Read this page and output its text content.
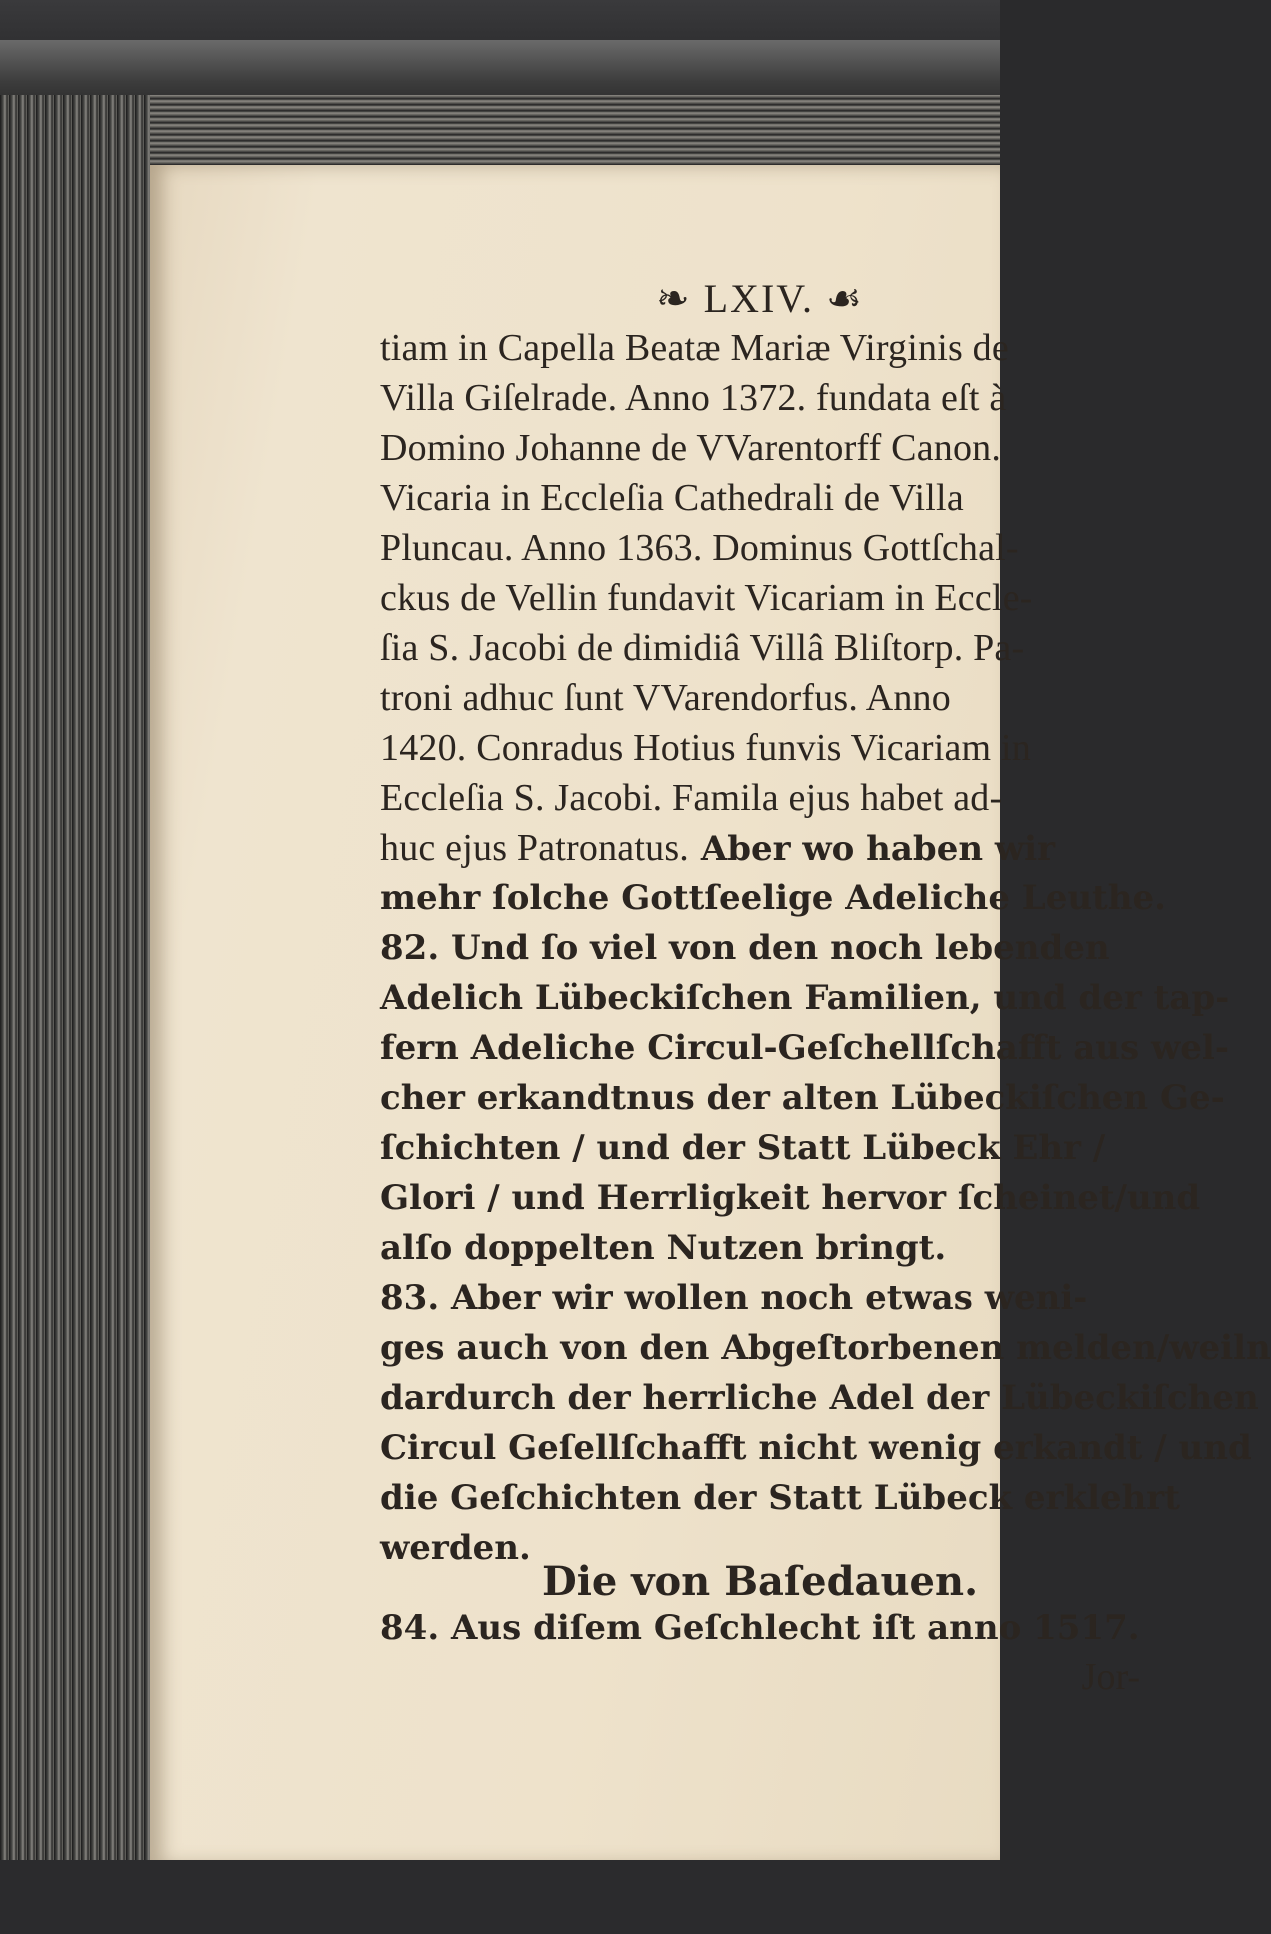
❧ LXIV. ☙
tiam in Capella Beatæ Mariæ Virginis de
Villa Giſelrade. Anno 1372. fundata eſt à
Domino Johanne de VVarentorff Canon.
Vicaria in Eccleſia Cathedrali de Villa
Pluncau. Anno 1363. Dominus Gottſchal-
ckus de Vellin fundavit Vicariam in Eccle-
ſia S. Jacobi de dimidiâ Villâ Bliſtorp. Pa-
troni adhuc ſunt VVarendorfus. Anno
1420. Conradus Hotius funvis Vicariam in
Eccleſia S. Jacobi. Famila ejus habet ad-
huc ejus Patronatus. Aber wo haben wir
mehr ſolche Gottſeelige Adeliche Leuthe.
82. Und ſo viel von den noch lebenden
Adelich Lübeckiſchen Familien, und der tap-
fern Adeliche Circul-Geſchellſchafft aus wel-
cher erkandtnus der alten Lübeckiſchen Ge-
ſchichten / und der Statt Lübeck Ehr /
Glori / und Herrligkeit hervor ſcheinet/und
alſo doppelten Nutzen bringt.
83. Aber wir wollen noch etwas weni-
ges auch von den Abgeſtorbenen melden/weiln
dardurch der herrliche Adel der Lübeckiſchen
Circul Geſellſchafft nicht wenig erkandt / und
die Geſchichten der Statt Lübeck erklehrt
werden.
Die von Baſedauen.
84. Aus diſem Geſchlecht iſt anno 1517.
Jor-
